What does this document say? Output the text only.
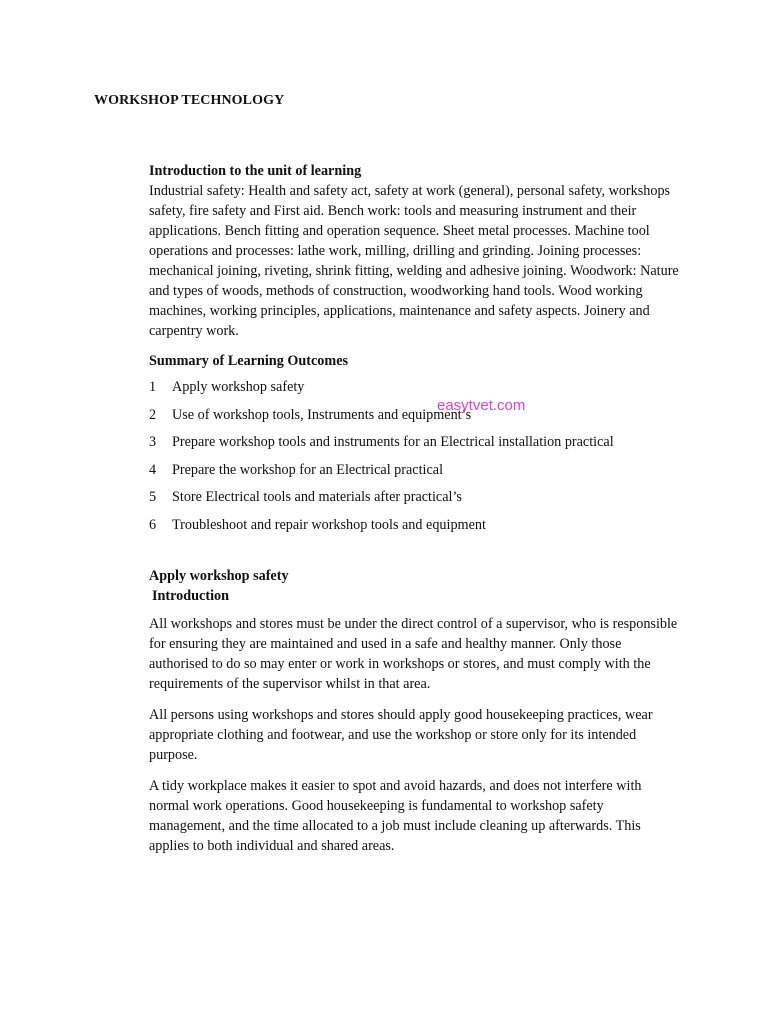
WORKSHOP TECHNOLOGY

Introduction to the unit of learning

Industrial safety: Health and safety act, safety at work (general), personal safety, workshops safety, fire safety and First aid. Bench work: tools and measuring instrument and their applications. Bench fitting and operation sequence. Sheet metal processes. Machine tool operations and processes: lathe work, milling, drilling and grinding. Joining processes: mechanical joining, riveting, shrink fitting, welding and adhesive joining. Woodwork: Nature and types of woods, methods of construction, woodworking hand tools. Wood working machines, working principles, applications, maintenance and safety aspects. Joinery and carpentry work.

Summary of Learning Outcomes

1	Apply workshop safety
2	Use of workshop tools, Instruments and equipment’s
3	Prepare workshop tools and instruments for an Electrical installation practical
4	Prepare the workshop for an Electrical practical
5	Store Electrical tools and materials after practical’s
6	Troubleshoot and repair workshop tools and equipment

Apply workshop safety

Introduction

All workshops and stores must be under the direct control of a supervisor, who is responsible for ensuring they are maintained and used in a safe and healthy manner. Only those authorised to do so may enter or work in workshops or stores, and must comply with the requirements of the supervisor whilst in that area.

All persons using workshops and stores should apply good housekeeping practices, wear appropriate clothing and footwear, and use the workshop or store only for its intended purpose.

A tidy workplace makes it easier to spot and avoid hazards, and does not interfere with normal work operations. Good housekeeping is fundamental to workshop safety management, and the time allocated to a job must include cleaning up afterwards. This applies to both individual and shared areas.

easytvet.com
